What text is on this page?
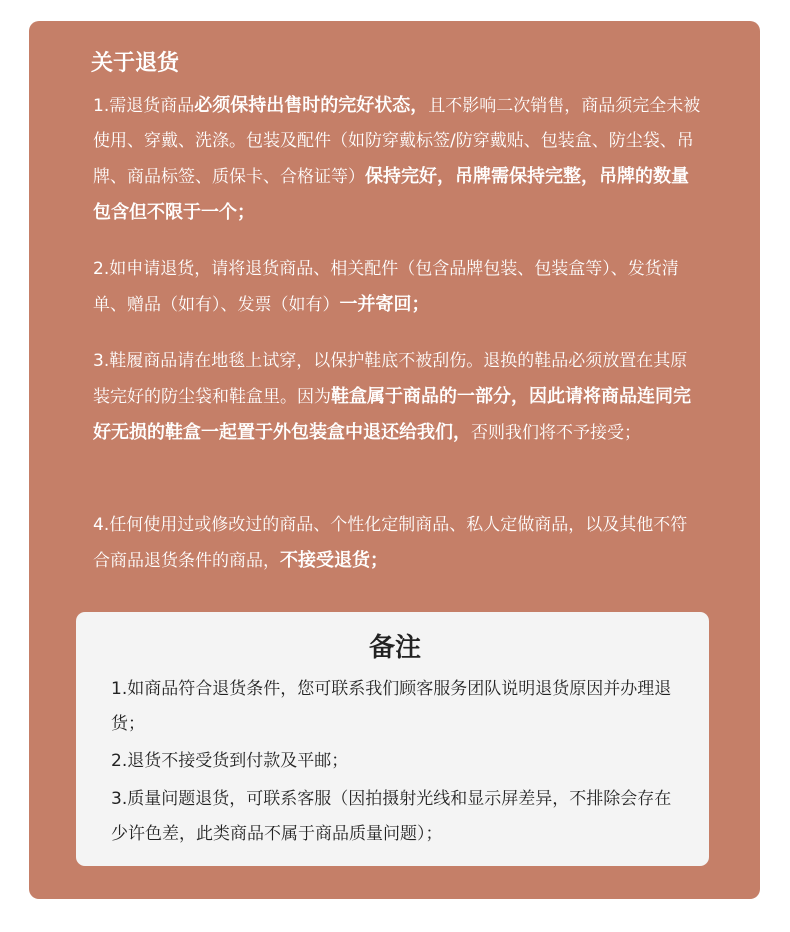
关于退货

1.需退货商品必须保持出售时的完好状态，且不影响二次销售，商品须完全未被使用、穿戴、洗涤。包装及配件（如防穿戴标签/防穿戴贴、包装盒、防尘袋、吊牌、商品标签、质保卡、合格证等）保持完好，吊牌需保持完整，吊牌的数量包含但不限于一个；

2.如申请退货，请将退货商品、相关配件（包含品牌包装、包装盒等）、发货清单、赠品（如有）、发票（如有）一并寄回；

3.鞋履商品请在地毯上试穿，以保护鞋底不被刮伤。退换的鞋品必须放置在其原装完好的防尘袋和鞋盒里。因为鞋盒属于商品的一部分，因此请将商品连同完好无损的鞋盒一起置于外包装盒中退还给我们，否则我们将不予接受；

4.任何使用过或修改过的商品、个性化定制商品、私人定做商品，以及其他不符合商品退货条件的商品，不接受退货；

备注

1.如商品符合退货条件，您可联系我们顾客服务团队说明退货原因并办理退货；

2.退货不接受货到付款及平邮；

3.质量问题退货，可联系客服（因拍摄射光线和显示屏差异，不排除会存在少许色差，此类商品不属于商品质量问题）；
